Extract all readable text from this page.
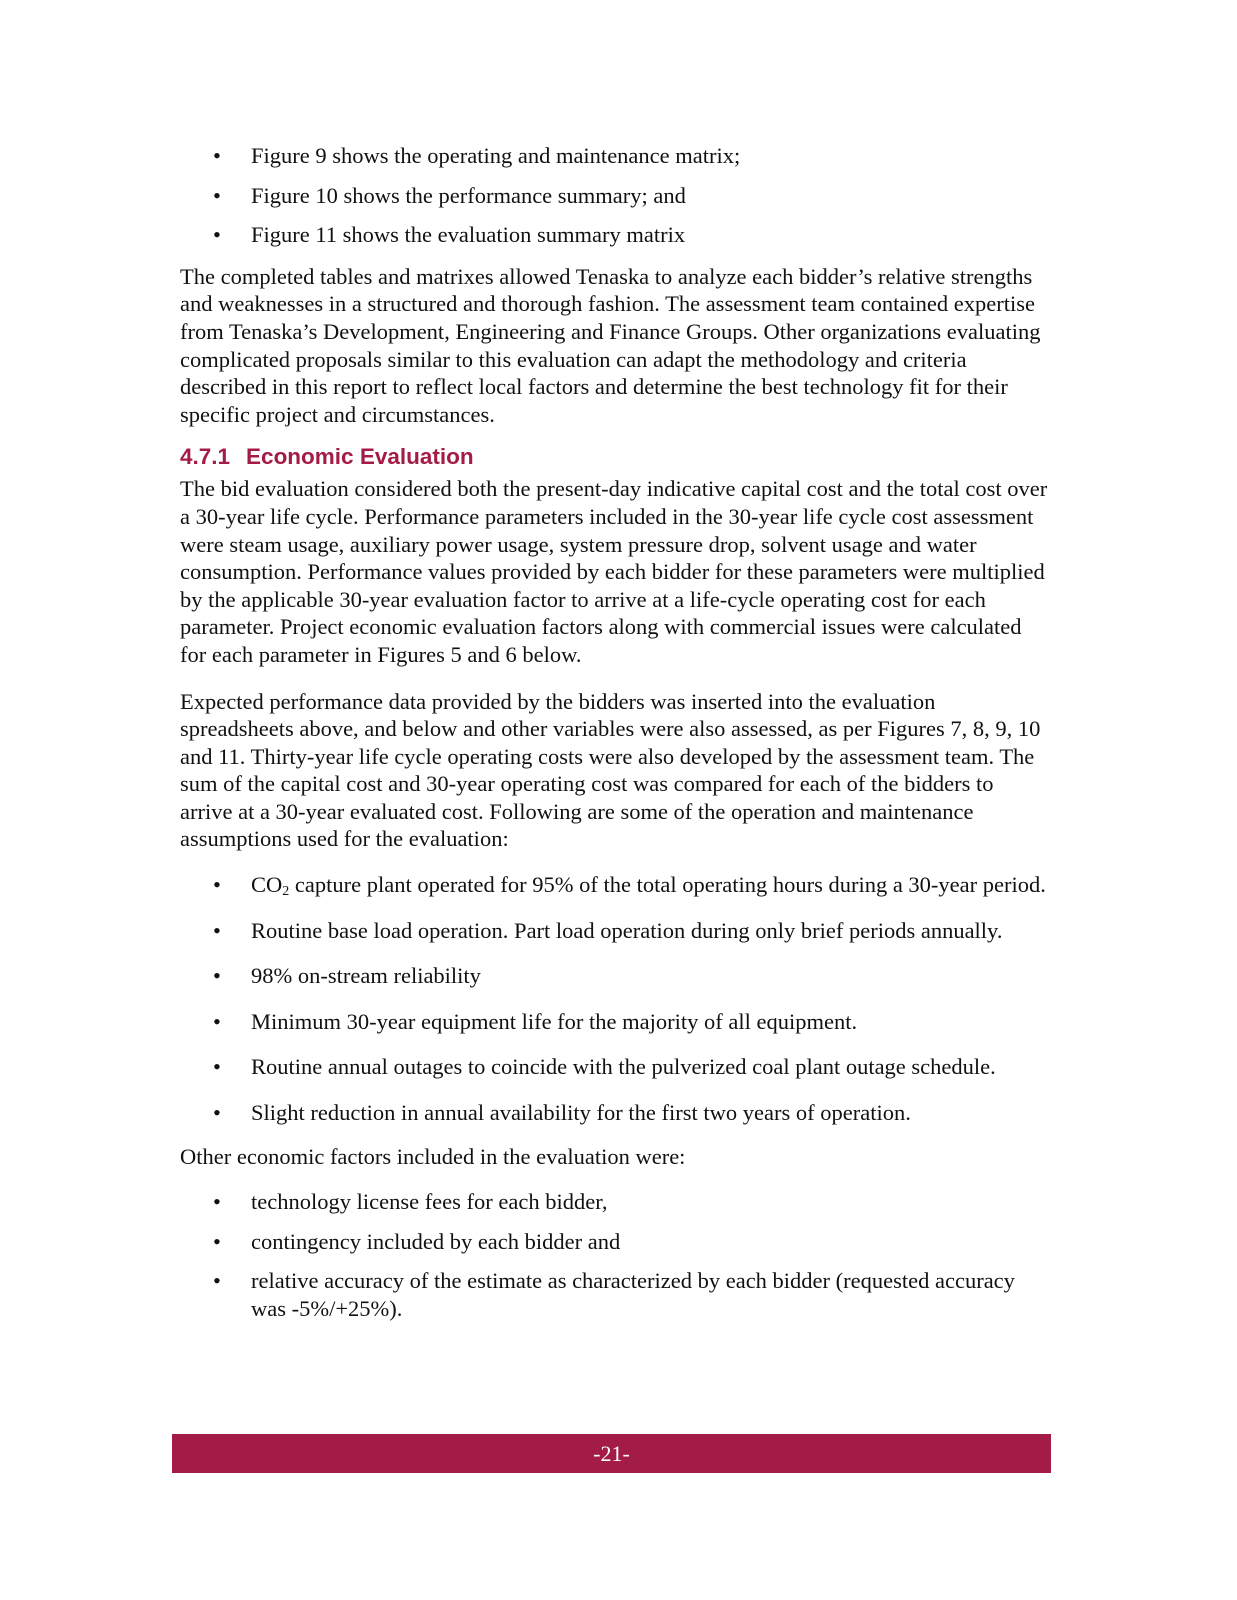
• Figure 9 shows the operating and maintenance matrix;
• Figure 10 shows the performance summary; and
• Figure 11 shows the evaluation summary matrix

The completed tables and matrixes allowed Tenaska to analyze each bidder’s relative strengths and weaknesses in a structured and thorough fashion. The assessment team contained expertise from Tenaska’s Development, Engineering and Finance Groups. Other organizations evaluating complicated proposals similar to this evaluation can adapt the methodology and criteria described in this report to reflect local factors and determine the best technology fit for their specific project and circumstances.

4.7.1 Economic Evaluation

The bid evaluation considered both the present-day indicative capital cost and the total cost over a 30-year life cycle. Performance parameters included in the 30-year life cycle cost assessment were steam usage, auxiliary power usage, system pressure drop, solvent usage and water consumption. Performance values provided by each bidder for these parameters were multiplied by the applicable 30-year evaluation factor to arrive at a life-cycle operating cost for each parameter. Project economic evaluation factors along with commercial issues were calculated for each parameter in Figures 5 and 6 below.

Expected performance data provided by the bidders was inserted into the evaluation spreadsheets above, and below and other variables were also assessed, as per Figures 7, 8, 9, 10 and 11. Thirty-year life cycle operating costs were also developed by the assessment team. The sum of the capital cost and 30-year operating cost was compared for each of the bidders to arrive at a 30-year evaluated cost. Following are some of the operation and maintenance assumptions used for the evaluation:

• $CO_2$ capture plant operated for 95% of the total operating hours during a 30-year period.
• Routine base load operation. Part load operation during only brief periods annually.
• 98% on-stream reliability
• Minimum 30-year equipment life for the majority of all equipment.
• Routine annual outages to coincide with the pulverized coal plant outage schedule.
• Slight reduction in annual availability for the first two years of operation.

Other economic factors included in the evaluation were:

• technology license fees for each bidder,
• contingency included by each bidder and
• relative accuracy of the estimate as characterized by each bidder (requested accuracy was -5%/+25%).
-21-
